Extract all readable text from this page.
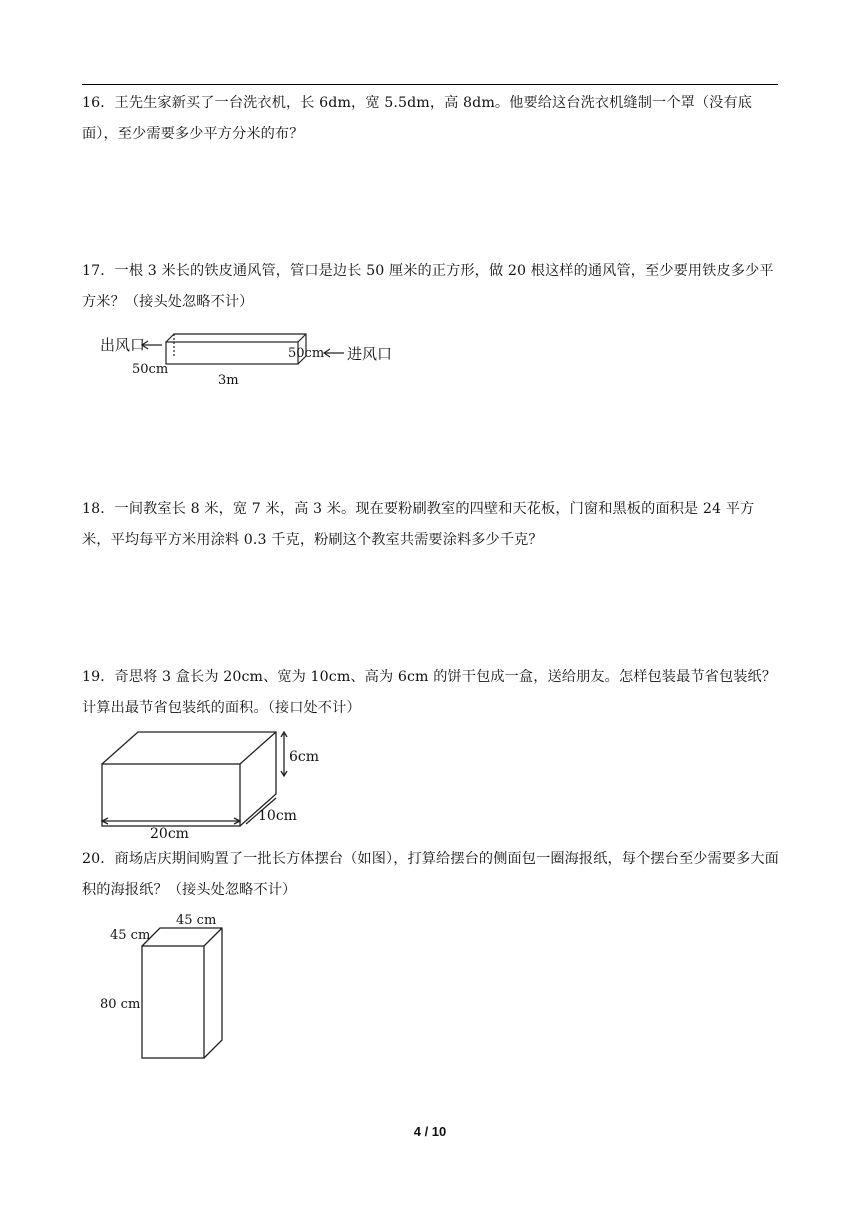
16．王先生家新买了一台洗衣机，长 6dm，宽 5.5dm，高 8dm。他要给这台洗衣机缝制一个罩（没有底面），至少需要多少平方分米的布？
17．一根 3 米长的铁皮通风管，管口是边长 50 厘米的正方形，做 20 根这样的通风管，至少要用铁皮多少平方米？（接头处忽略不计）
出风口	进风口
50cm
50cm
3m
18．一间教室长 8 米，宽 7 米，高 3 米。现在要粉刷教室的四壁和天花板，门窗和黑板的面积是 24 平方米，平均每平方米用涂料 0.3 千克，粉刷这个教室共需要涂料多少千克？
19．奇思将 3 盒长为 20cm、宽为 10cm、高为 6cm 的饼干包成一盒，送给朋友。怎样包装最节省包装纸？计算出最节省包装纸的面积。（接口处不计）
6cm
10cm
20cm
20．商场店庆期间购置了一批长方体摆台（如图），打算给摆台的侧面包一圈海报纸，每个摆台至少需要多大面积的海报纸？（接头处忽略不计）
45 cm
45 cm
80 cm
4 / 10
